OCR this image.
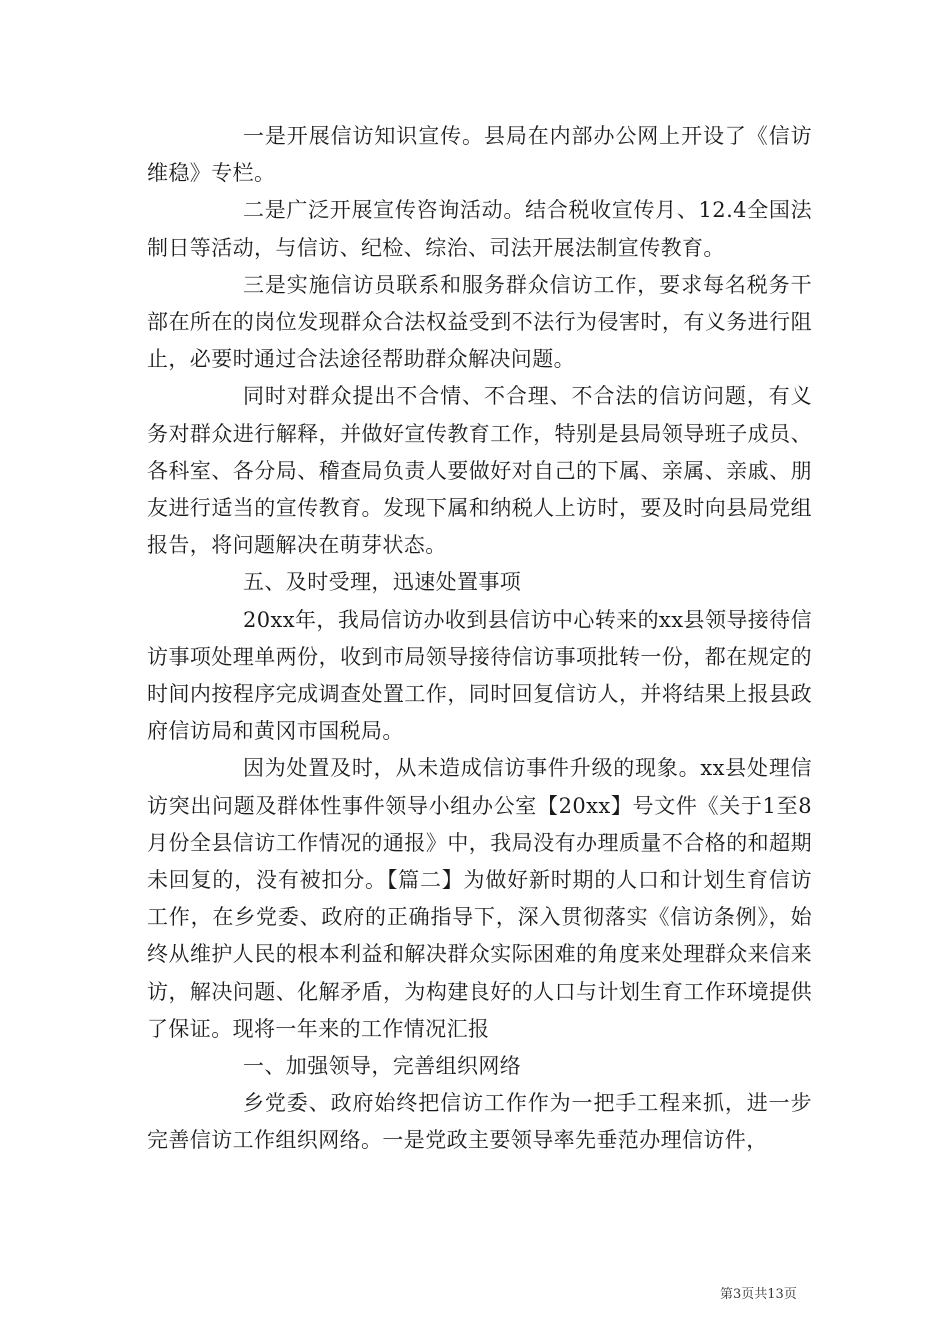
一是开展信访知识宣传。县局在内部办公网上开设了《信访维稳》专栏。

二是广泛开展宣传咨询活动。结合税收宣传月、12.4全国法制日等活动，与信访、纪检、综治、司法开展法制宣传教育。

三是实施信访员联系和服务群众信访工作，要求每名税务干部在所在的岗位发现群众合法权益受到不法行为侵害时，有义务进行阻止，必要时通过合法途径帮助群众解决问题。

同时对群众提出不合情、不合理、不合法的信访问题，有义务对群众进行解释，并做好宣传教育工作，特别是县局领导班子成员、各科室、各分局、稽查局负责人要做好对自己的下属、亲属、亲戚、朋友进行适当的宣传教育。发现下属和纳税人上访时，要及时向县局党组报告，将问题解决在萌芽状态。

五、及时受理，迅速处置事项

20xx年，我局信访办收到县信访中心转来的xx县领导接待信访事项处理单两份，收到市局领导接待信访事项批转一份，都在规定的时间内按程序完成调查处置工作，同时回复信访人，并将结果上报县政府信访局和黄冈市国税局。

因为处置及时，从未造成信访事件升级的现象。xx县处理信访突出问题及群体性事件领导小组办公室【20xx】号文件《关于1至8月份全县信访工作情况的通报》中，我局没有办理质量不合格的和超期未回复的，没有被扣分。【篇二】为做好新时期的人口和计划生育信访工作，在乡党委、政府的正确指导下，深入贯彻落实《信访条例》，始终从维护人民的根本利益和解决群众实际困难的角度来处理群众来信来访，解决问题、化解矛盾，为构建良好的人口与计划生育工作环境提供了保证。现将一年来的工作情况汇报

一、加强领导，完善组织网络

乡党委、政府始终把信访工作作为一把手工程来抓，进一步完善信访工作组织网络。一是党政主要领导率先垂范办理信访件，

第3页共13页
